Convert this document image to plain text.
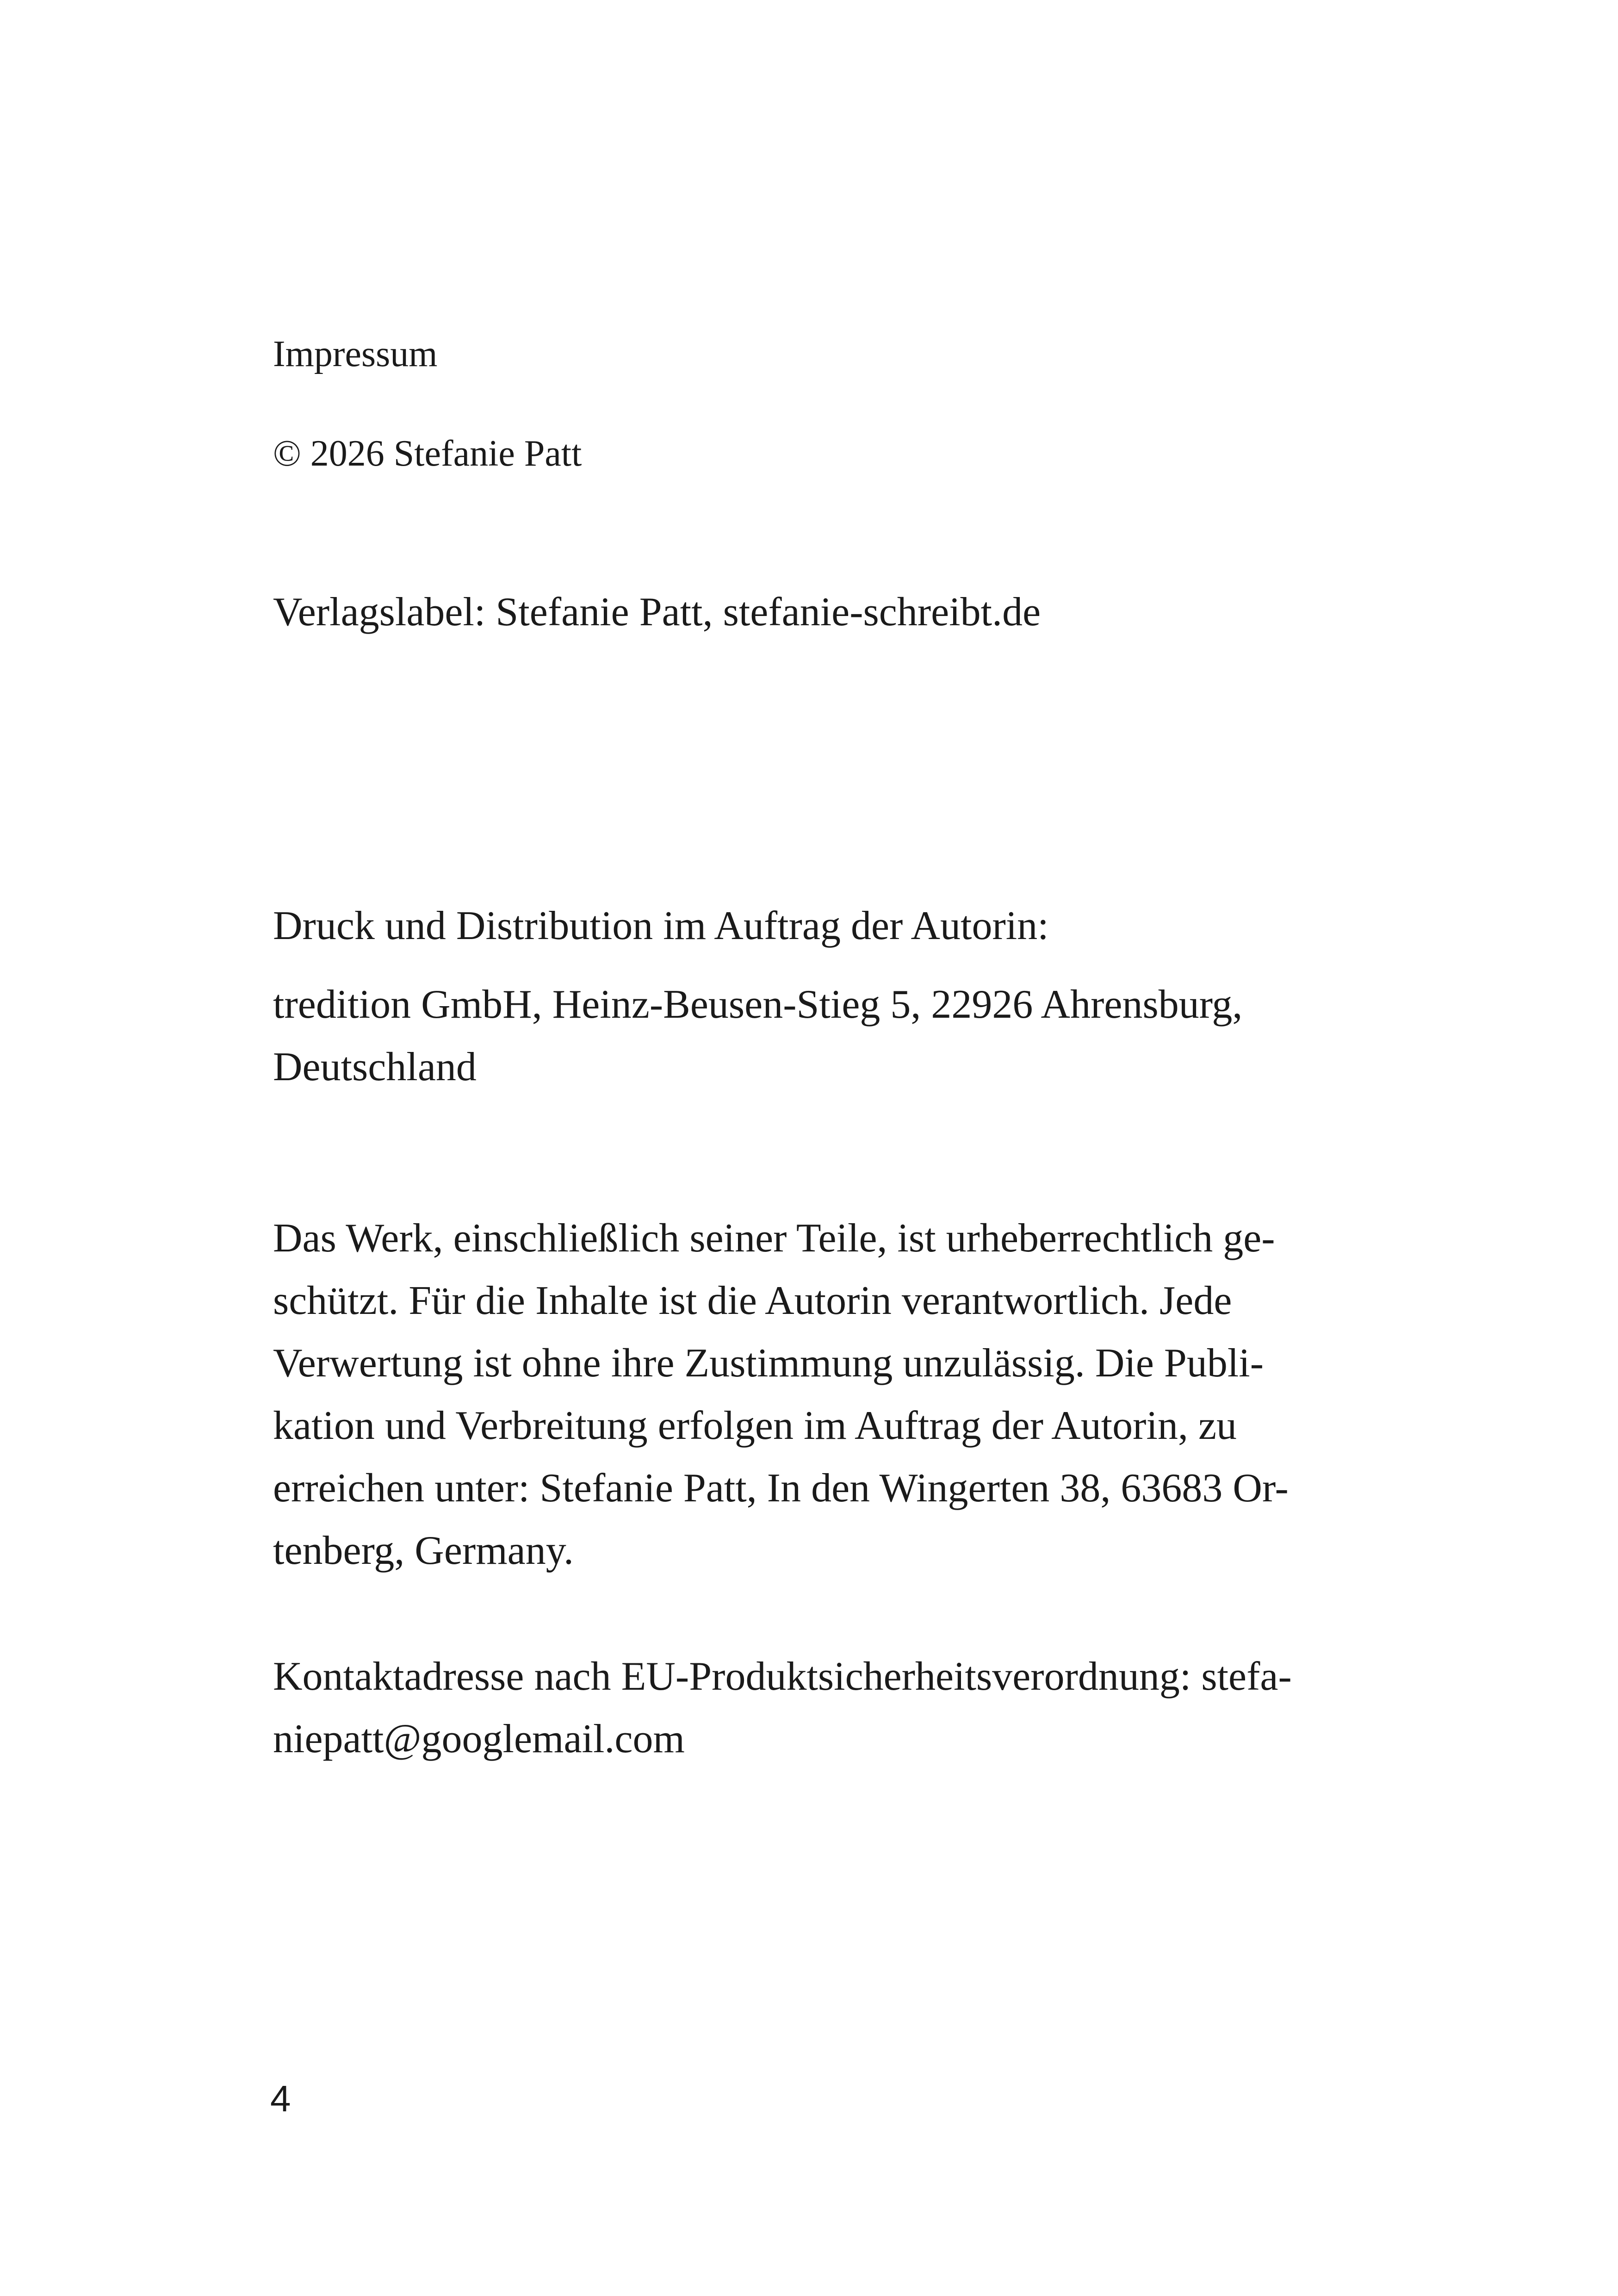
Impressum

© 2026 Stefanie Patt

Verlagslabel: Stefanie Patt, stefanie-schreibt.de

Druck und Distribution im Auftrag der Autorin:

tredition GmbH, Heinz-Beusen-Stieg 5, 22926 Ahrensburg,

Deutschland

Das Werk, einschließlich seiner Teile, ist urheberrechtlich ge-

schützt. Für die Inhalte ist die Autorin verantwortlich. Jede

Verwertung ist ohne ihre Zustimmung unzulässig. Die Publi-

kation und Verbreitung erfolgen im Auftrag der Autorin, zu

erreichen unter: Stefanie Patt, In den Wingerten 38, 63683 Or-

tenberg, Germany.

Kontaktadresse nach EU-Produktsicherheitsverordnung: stefa-

niepatt@googlemail.com

4
